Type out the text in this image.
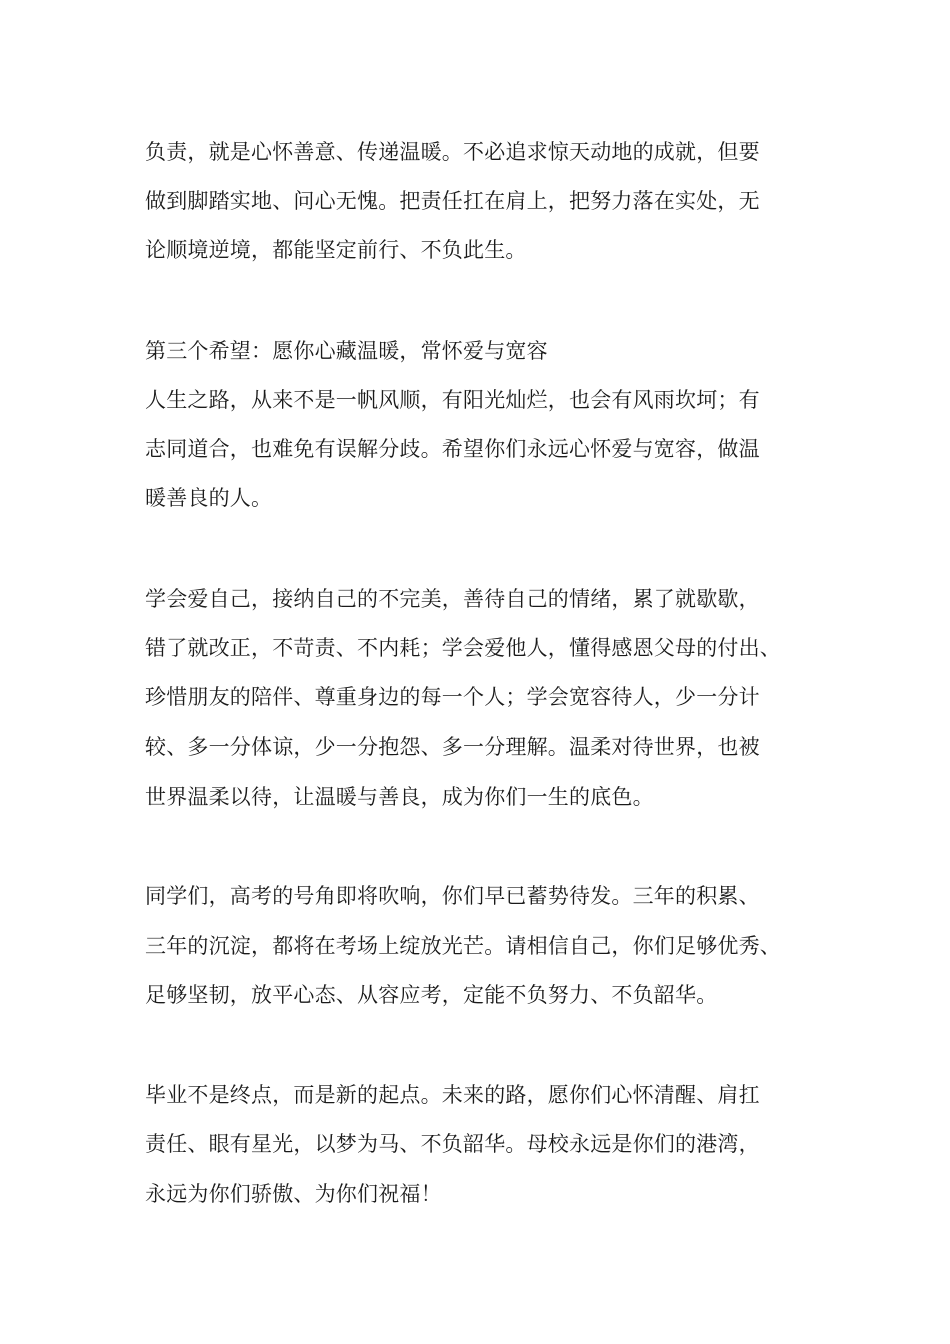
负责，就是心怀善意、传递温暖。不必追求惊天动地的成就，但要
做到脚踏实地、问心无愧。把责任扛在肩上，把努力落在实处，无
论顺境逆境，都能坚定前行、不负此生。
第三个希望：愿你心藏温暖，常怀爱与宽容
人生之路，从来不是一帆风顺，有阳光灿烂，也会有风雨坎坷；有
志同道合，也难免有误解分歧。希望你们永远心怀爱与宽容，做温
暖善良的人。
学会爱自己，接纳自己的不完美，善待自己的情绪，累了就歇歇，
错了就改正，不苛责、不内耗；学会爱他人，懂得感恩父母的付出、
珍惜朋友的陪伴、尊重身边的每一个人；学会宽容待人，少一分计
较、多一分体谅，少一分抱怨、多一分理解。温柔对待世界，也被
世界温柔以待，让温暖与善良，成为你们一生的底色。
同学们，高考的号角即将吹响，你们早已蓄势待发。三年的积累、
三年的沉淀，都将在考场上绽放光芒。请相信自己，你们足够优秀、
足够坚韧，放平心态、从容应考，定能不负努力、不负韶华。
毕业不是终点，而是新的起点。未来的路，愿你们心怀清醒、肩扛
责任、眼有星光，以梦为马、不负韶华。母校永远是你们的港湾，
永远为你们骄傲、为你们祝福！
